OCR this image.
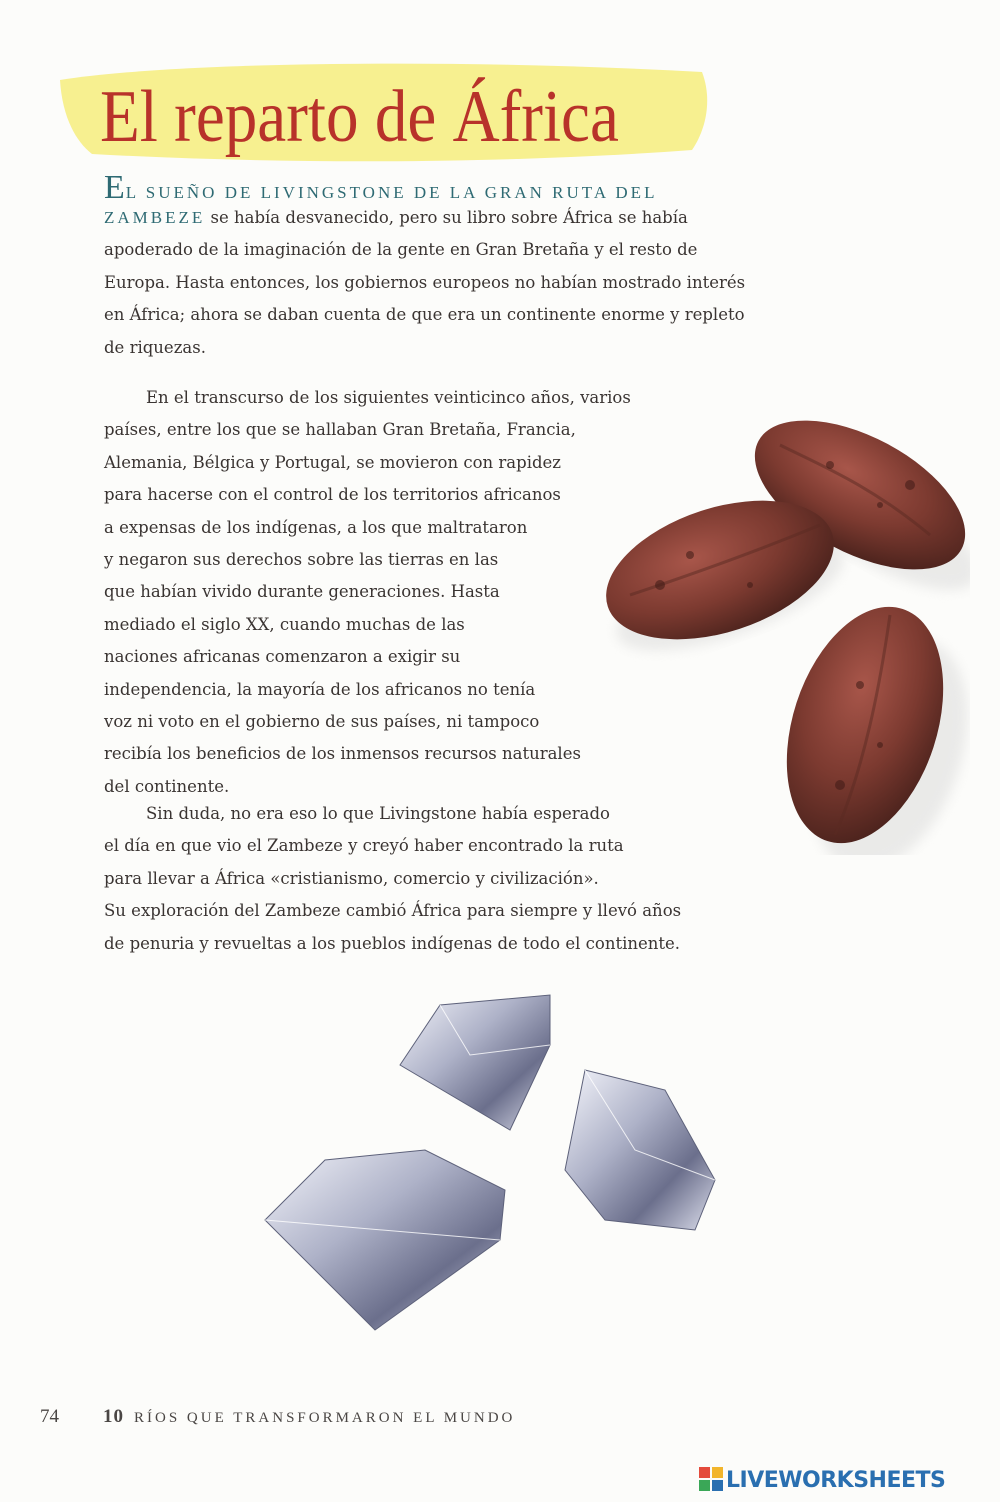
El reparto de África
EL SUEÑO DE LIVINGSTONE DE LA GRAN RUTA DEL
ZAMBEZE se había desvanecido, pero su libro sobre África se había
apoderado de la imaginación de la gente en Gran Bretaña y el resto de
Europa. Hasta entonces, los gobiernos europeos no habían mostrado interés
en África; ahora se daban cuenta de que era un continente enorme y repleto
de riquezas.
En el transcurso de los siguientes veinticinco años, varios
países, entre los que se hallaban Gran Bretaña, Francia,
Alemania, Bélgica y Portugal, se movieron con rapidez
para hacerse con el control de los territorios africanos
a expensas de los indígenas, a los que maltrataron
y negaron sus derechos sobre las tierras en las
que habían vivido durante generaciones. Hasta
mediado el siglo XX, cuando muchas de las
naciones africanas comenzaron a exigir su
independencia, la mayoría de los africanos no tenía
voz ni voto en el gobierno de sus países, ni tampoco
recibía los beneficios de los inmensos recursos naturales
del continente.
Sin duda, no era eso lo que Livingstone había esperado
el día en que vio el Zambeze y creyó haber encontrado la ruta
para llevar a África «cristianismo, comercio y civilización».
Su exploración del Zambeze cambió África para siempre y llevó años
de penuria y revueltas a los pueblos indígenas de todo el continente.
74 10 RÍOS QUE TRANSFORMARON EL MUNDO
LIVEWORKSHEETS
